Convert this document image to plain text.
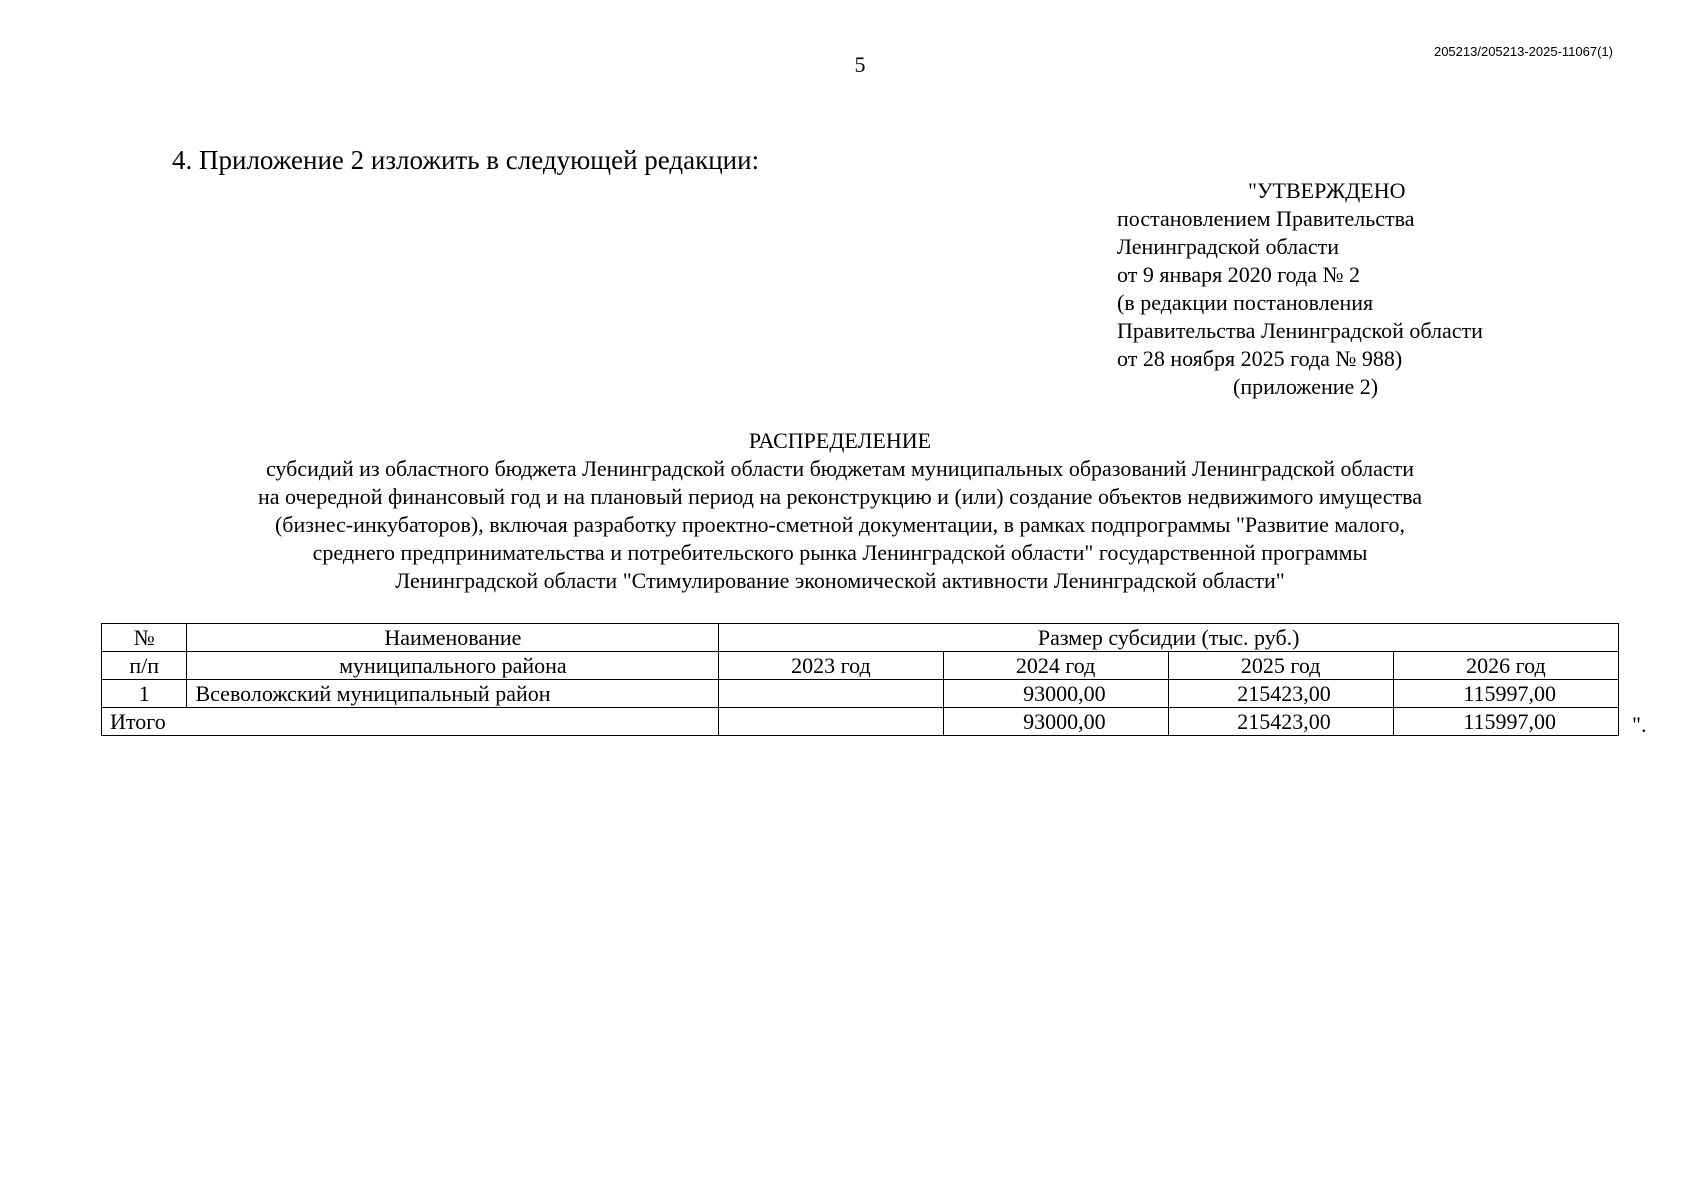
5
205213/205213-2025-11067(1)
4. Приложение 2 изложить в следующей редакции:
"УТВЕРЖДЕНО
постановлением Правительства
Ленинградской области
от 9 января 2020 года № 2
(в редакции постановления
Правительства Ленинградской области
от 28 ноября 2025 года № 988)
(приложение 2)
РАСПРЕДЕЛЕНИЕ
субсидий из областного бюджета Ленинградской области бюджетам муниципальных образований Ленинградской области
на очередной финансовый год и на плановый период на реконструкцию и (или) создание объектов недвижимого имущества
(бизнес-инкубаторов), включая разработку проектно-сметной документации, в рамках подпрограммы "Развитие малого,
среднего предпринимательства и потребительского рынка Ленинградской области" государственной программы
Ленинградской области "Стимулирование экономической активности Ленинградской области"
№	Наименование	Размер субсидии (тыс. руб.)			
п/п	муниципального района	2023 год	2024 год	2025 год	2026 год
1	Всеволожский муниципальный район		93000,00	215423,00	115997,00
Итого			93000,00	215423,00	115997,00	".
